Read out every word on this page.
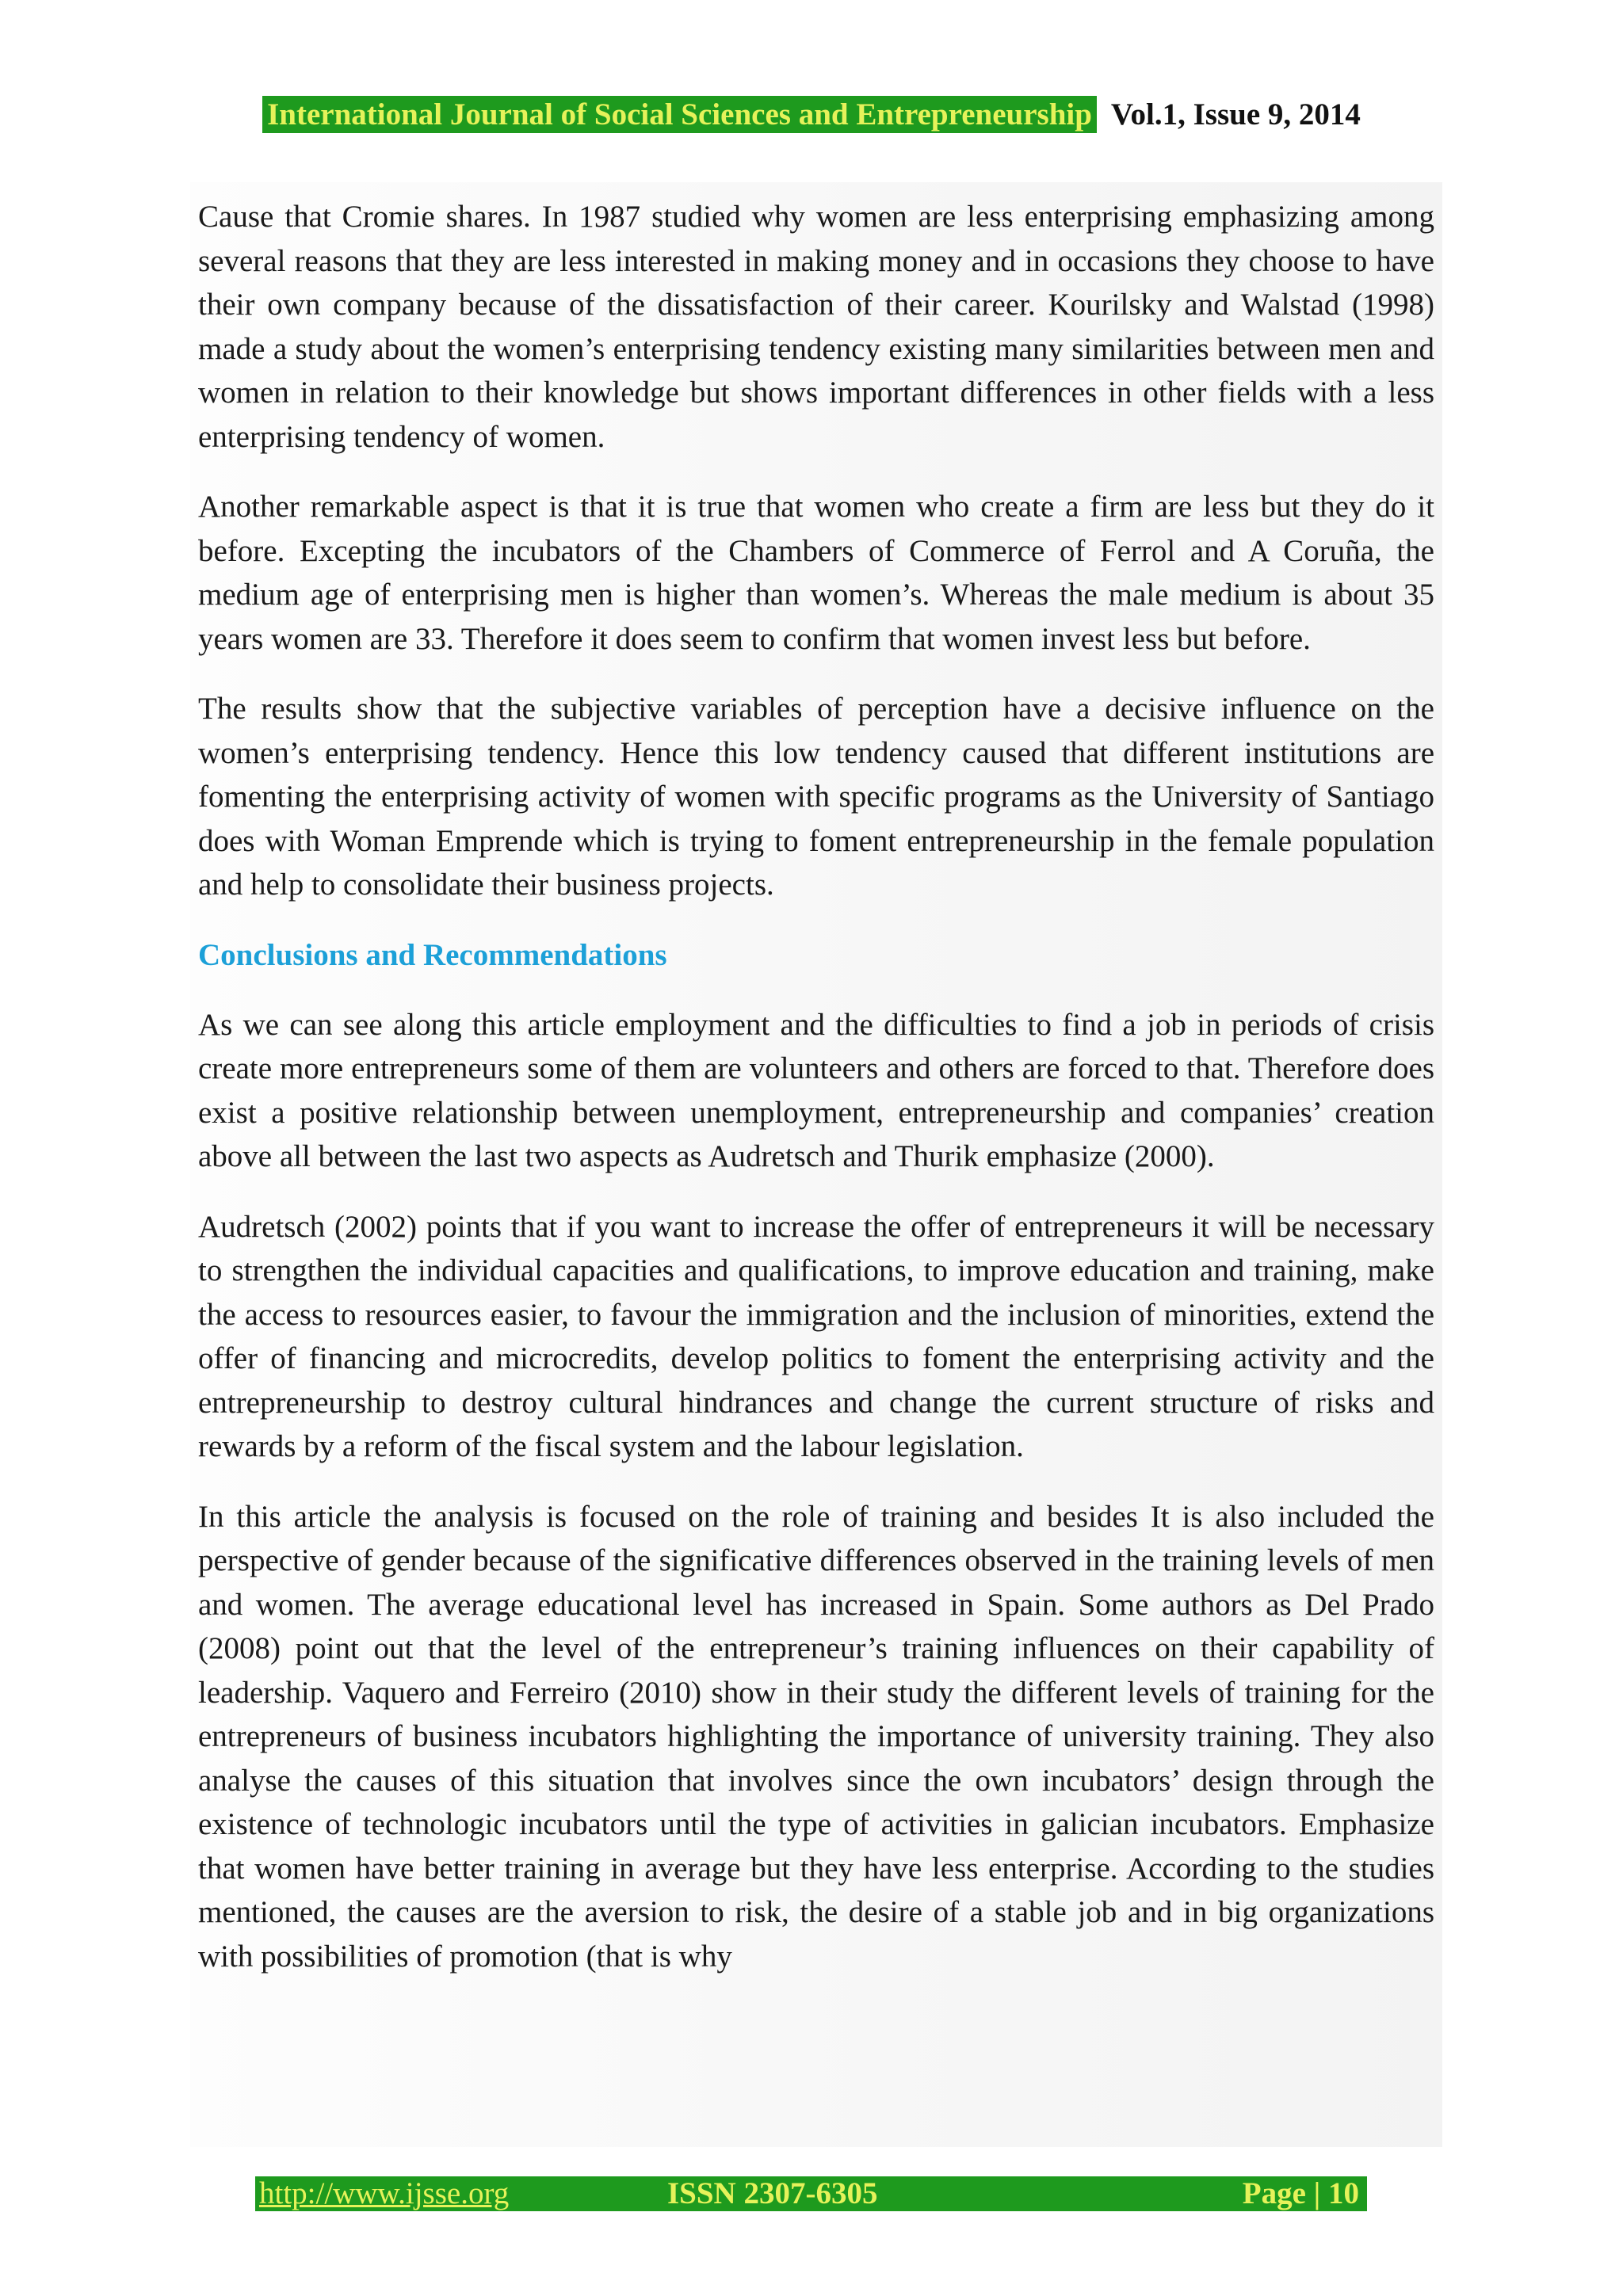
International Journal of Social Sciences and Entrepreneurship Vol.1, Issue 9, 2014

Cause that Cromie shares. In 1987 studied why women are less enterprising emphasizing among several reasons that they are less interested in making money and in occasions they choose to have their own company because of the dissatisfaction of their career. Kourilsky and Walstad (1998) made a study about the women’s enterprising tendency existing many similarities between men and women in relation to their knowledge but shows important differences in other fields with a less enterprising tendency of women.

Another remarkable aspect is that it is true that women who create a firm are less but they do it before. Excepting the incubators of the Chambers of Commerce of Ferrol and A Coruña, the medium age of enterprising men is higher than women’s. Whereas the male medium is about 35 years women are 33. Therefore it does seem to confirm that women invest less but before.

The results show that the subjective variables of perception have a decisive influence on the women’s enterprising tendency. Hence this low tendency caused that different institutions are fomenting the enterprising activity of women with specific programs as the University of Santiago does with Woman Emprende which is trying to foment entrepreneurship in the female population and help to consolidate their business projects.

Conclusions and Recommendations

As we can see along this article employment and the difficulties to find a job in periods of crisis create more entrepreneurs some of them are volunteers and others are forced to that. Therefore does exist a positive relationship between unemployment, entrepreneurship and companies’ creation above all between the last two aspects as Audretsch and Thurik emphasize (2000).

Audretsch (2002) points that if you want to increase the offer of entrepreneurs it will be necessary to strengthen the individual capacities and qualifications, to improve education and training, make the access to resources easier, to favour the immigration and the inclusion of minorities, extend the offer of financing and microcredits, develop politics to foment the enterprising activity and the entrepreneurship to destroy cultural hindrances and change the current structure of risks and rewards by a reform of the fiscal system and the labour legislation.

In this article the analysis is focused on the role of training and besides It is also included the perspective of gender because of the significative differences observed in the training levels of men and women. The average educational level has increased in Spain. Some authors as Del Prado (2008) point out that the level of the entrepreneur’s training influences on their capability of leadership. Vaquero and Ferreiro (2010) show in their study the different levels of training for the entrepreneurs of business incubators highlighting the importance of university training. They also analyse the causes of this situation that involves since the own incubators’ design through the existence of technologic incubators until the type of activities in galician incubators. Emphasize that women have better training in average but they have less enterprise. According to the studies mentioned, the causes are the aversion to risk, the desire of a stable job and in big organizations with possibilities of promotion (that is why

http://www.ijsse.org	ISSN 2307-6305	Page | 10
